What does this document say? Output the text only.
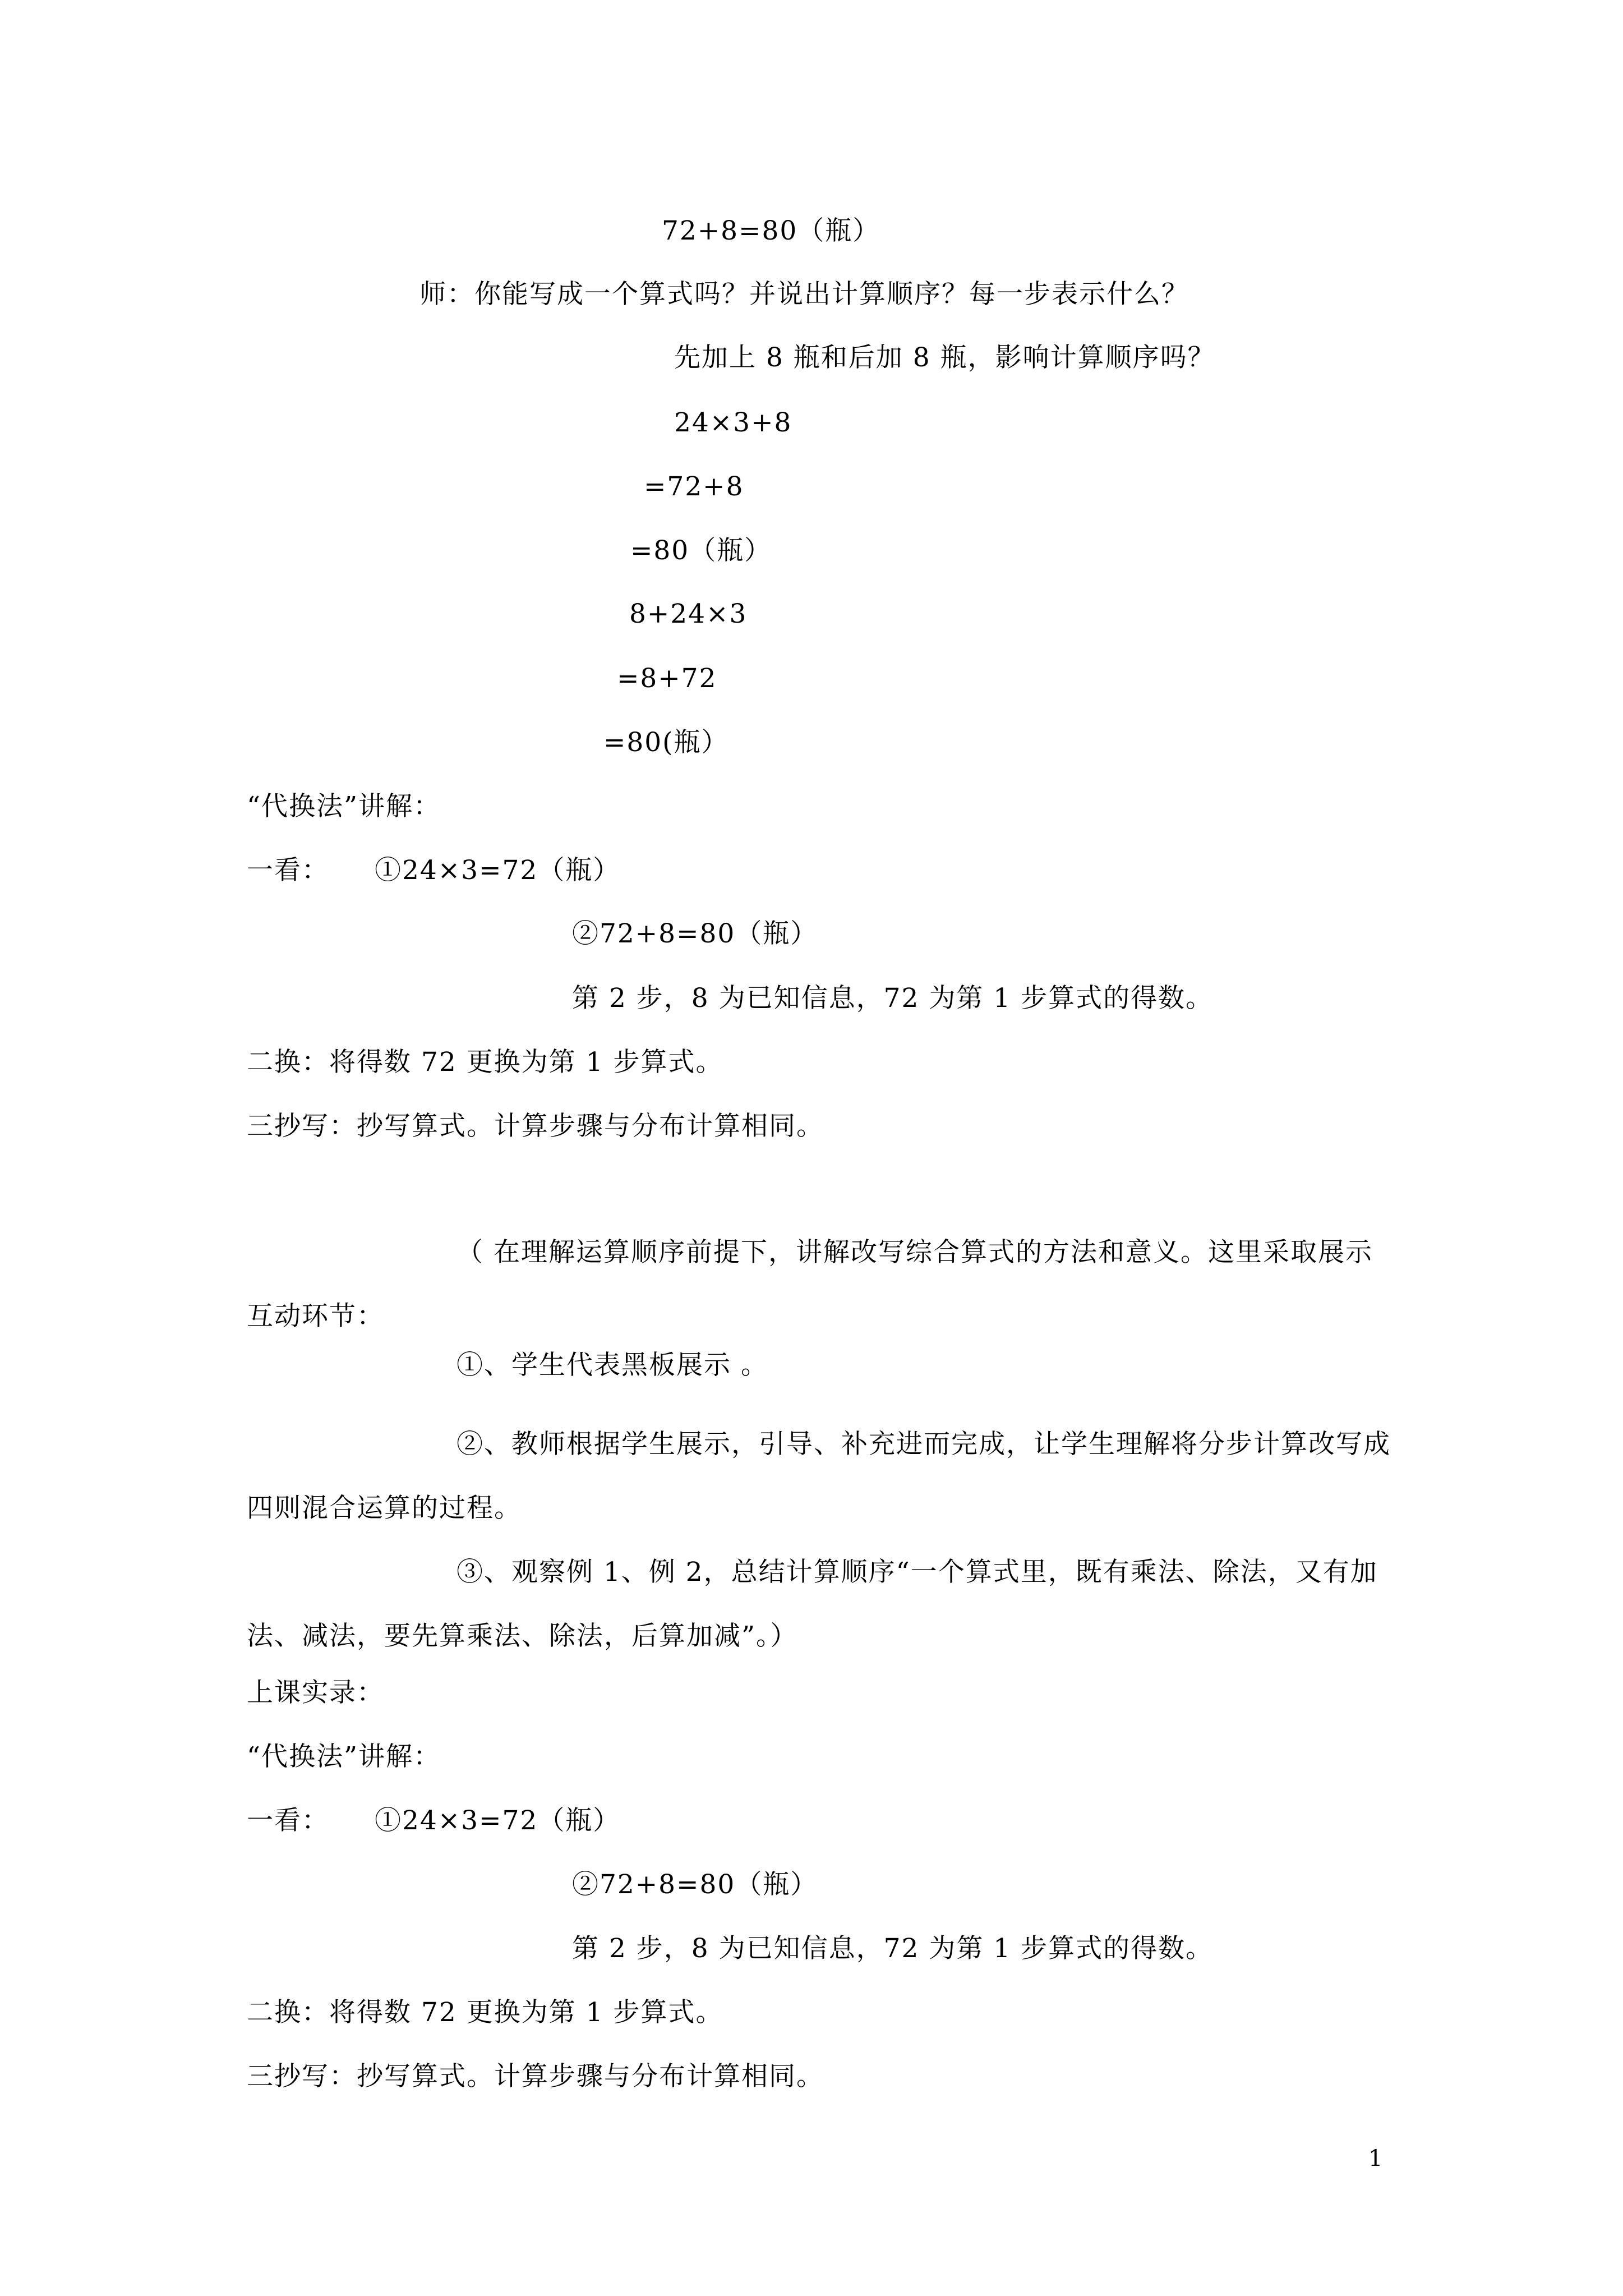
72+8=80（瓶）
师：你能写成一个算式吗？并说出计算顺序？每一步表示什么？
先加上 8 瓶和后加 8 瓶，影响计算顺序吗？
24×3+8
=72+8
=80（瓶）
8+24×3
=8+72
=80(瓶）
“代换法”讲解：
一看： ①24×3=72（瓶）
②72+8=80（瓶）
第 2 步，8 为已知信息，72 为第 1 步算式的得数。
二换：将得数 72 更换为第 1 步算式。
三抄写：抄写算式。计算步骤与分布计算相同。
（ 在理解运算顺序前提下，讲解改写综合算式的方法和意义。这里采取展示互动环节：
①、学生代表黑板展示 。
②、教师根据学生展示，引导、补充进而完成，让学生理解将分步计算改写成四则混合运算的过程。
③、观察例 1、例 2，总结计算顺序“一个算式里，既有乘法、除法，又有加法、减法，要先算乘法、除法，后算加减”。）
上课实录：
“代换法”讲解：
一看： ①24×3=72（瓶）
②72+8=80（瓶）
第 2 步，8 为已知信息，72 为第 1 步算式的得数。
二换：将得数 72 更换为第 1 步算式。
三抄写：抄写算式。计算步骤与分布计算相同。
1
